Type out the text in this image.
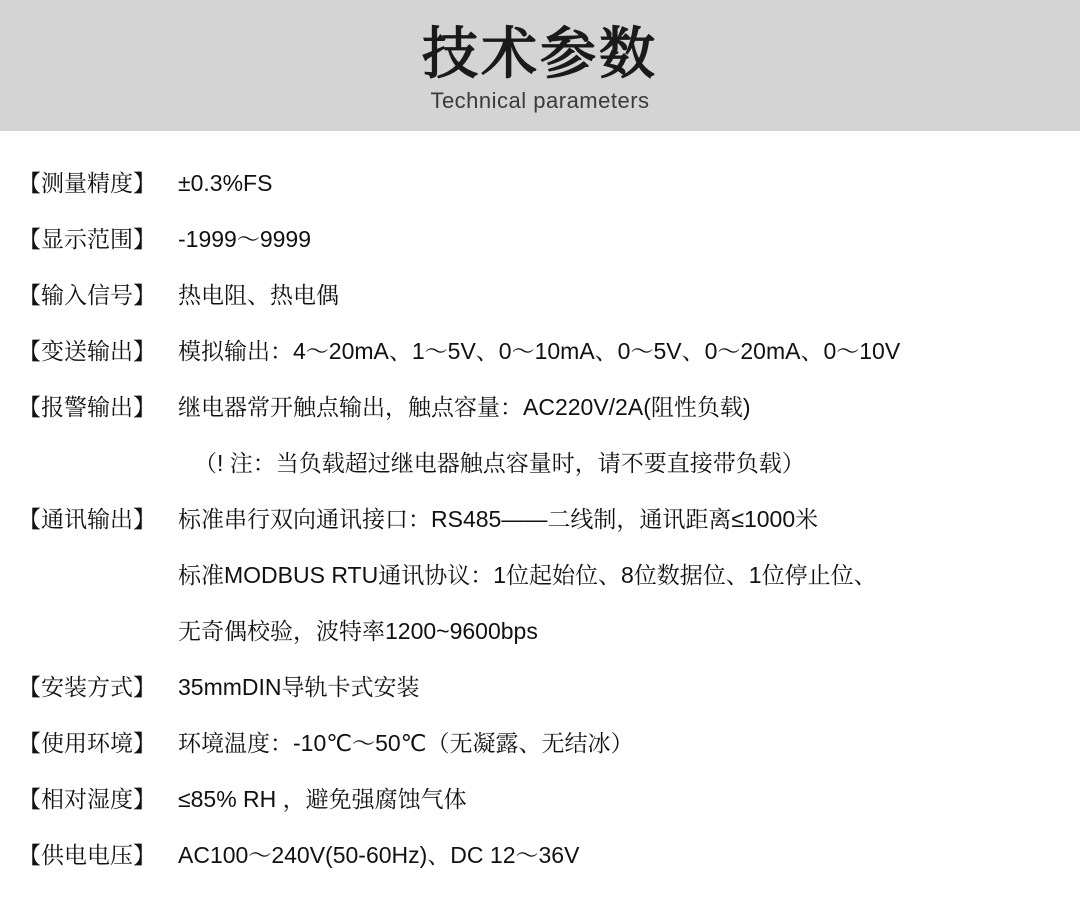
技术参数
Technical parameters
【测量精度】 ±0.3%FS
【显示范围】 -1999～9999
【输入信号】 热电阻、热电偶
【变送输出】 模拟输出：4～20mA、1～5V、0～10mA、0～5V、0～20mA、0～10V
【报警输出】 继电器常开触点输出，触点容量：AC220V/2A(阻性负载)
（! 注：当负载超过继电器触点容量时，请不要直接带负载）
【通讯输出】 标准串行双向通讯接口：RS485——二线制，通讯距离≤1000米
标准MODBUS RTU通讯协议：1位起始位、8位数据位、1位停止位、
无奇偶校验，波特率1200~9600bps
【安装方式】 35mmDIN导轨卡式安装
【使用环境】 环境温度：-10℃～50℃（无凝露、无结冰）
【相对湿度】 ≤85% RH ，避免强腐蚀气体
【供电电压】 AC100～240V(50-60Hz)、DC 12～36V
